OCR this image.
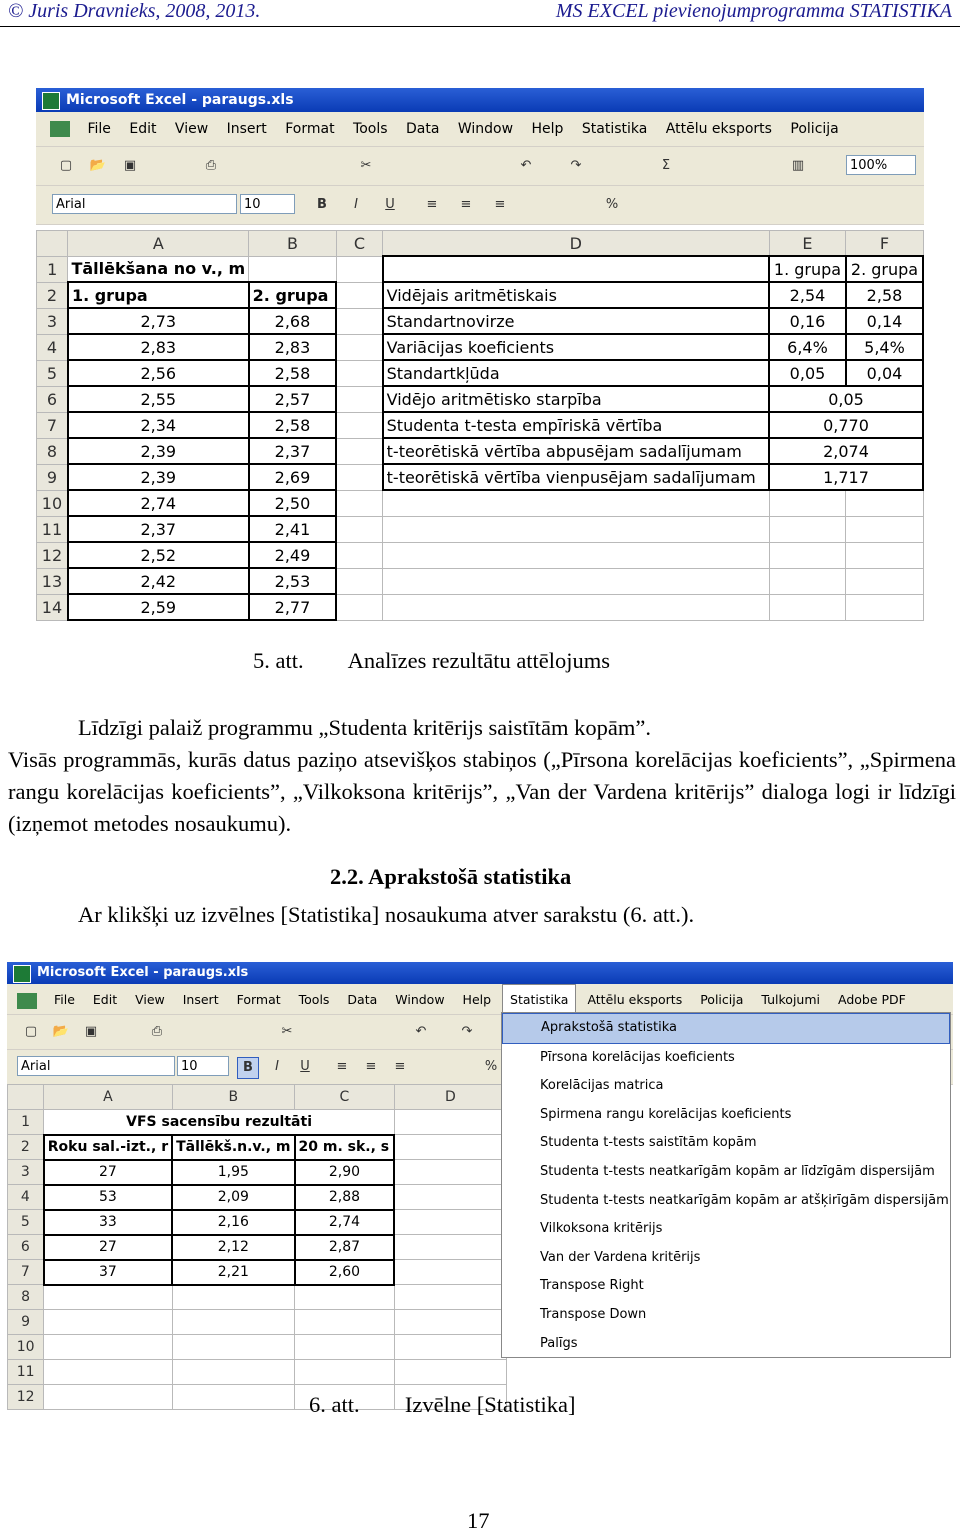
© Juris Dravnieks, 2008, 2013.	MS EXCEL pievienojumprogramma STATISTIKA
Microsoft Excel - paraugs.xls
File Edit View Insert Format Tools Data Window Help Statistika Attēlu eksports Policija
▢ 📂 ▣	⎙	✂	↶	↷	Σ	▥	100%
Arial	10	B	I	U	≡	≡	≡	%
	A	B	C	D	E	F
1	Tāllēkšana no v., m				1. grupa	2. grupa
2	1. grupa	2. grupa		Vidējais aritmētiskais	2,54	2,58
3	2,73	2,68		Standartnovirze	0,16	0,14
4	2,83	2,83		Variācijas koeficients	6,4%	5,4%
5	2,56	2,58		Standartkļūda	0,05	0,04
6	2,55	2,57		Vidējo aritmētisko starpība	0,05	
7	2,34	2,58		Studenta t-testa empīriskā vērtība	0,770	
8	2,39	2,37		t-teorētiskā vērtība abpusējam sadalījumam	2,074	
9	2,39	2,69		t-teorētiskā vērtība vienpusējam sadalījumam	1,717	
10	2,74	2,50				
11	2,37	2,41				
12	2,52	2,49				
13	2,42	2,53				
14	2,59	2,77				
5. att. Analīzes rezultātu attēlojums
Līdzīgi palaiž programmu „Studenta kritērijs saistītām kopām”.
Visās programmās, kurās datus paziņo atsevišķos stabiņos („Pīrsona korelācijas koeficients”, „Spirmena rangu korelācijas koeficients”, „Vilkoksona kritērijs”, „Van der Vardena kritērijs” dialoga logi ir līdzīgi (izņemot metodes nosaukumu).
2.2. Aprakstošā statistika
Ar klikšķi uz izvēlnes [Statistika] nosaukuma atver sarakstu (6. att.).
Microsoft Excel - paraugs.xls
File Edit View Insert Format Tools Data Window Help Statistika Attēlu eksports Policija Tulkojumi Adobe PDF
▢ 📂 ▣	⎙	✂	↶	↷
Arial	10	B	I	U	≡	≡	≡	%
	A	B	C	D
1	VFS sacensību rezultāti			
2	Roku sal.-izt., r	Tāllēkš.n.v., m	20 m. sk., s	
3	27	1,95	2,90	
4	53	2,09	2,88	
5	33	2,16	2,74	
6	27	2,12	2,87	
7	37	2,21	2,60	
8				
9				
10				
11				
12				
Aprakstošā statistika
Pīrsona korelācijas koeficients
Korelācijas matrica
Spirmena rangu korelācijas koeficients
Studenta t-tests saistītām kopām
Studenta t-tests neatkarīgām kopām ar līdzīgām dispersijām
Studenta t-tests neatkarīgām kopām ar atšķirīgām dispersijām
Vilkoksona kritērijs
Van der Vardena kritērijs
Transpose Right
Transpose Down
Palīgs
6. att. Izvēlne [Statistika]
17
